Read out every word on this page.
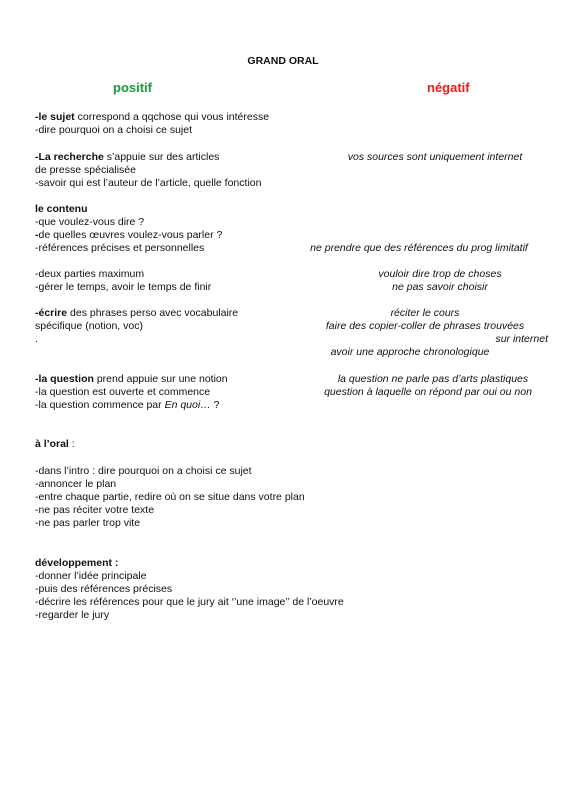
GRAND ORAL
positif	négatif
-le sujet correspond a qqchose qui vous intéresse
-dire pourquoi on a choisi ce sujet
-La recherche s’appuie sur des articles
de presse spécialisée
-savoir qui est l’auteur de l’article, quelle fonction
vos sources sont uniquement internet
le contenu
-que voulez-vous dire ?
-de quelles œuvres voulez-vous parler ?
-références précises et personnelles	ne prendre que des références du prog limitatif
-deux parties maximum
-gérer le temps, avoir le temps de finir
vouloir dire trop de choses
ne pas savoir choisir
-écrire des phrases perso avec vocabulaire
spécifique (notion, voc)
.
réciter le cours
faire des copier-coller de phrases trouvées
sur internet
avoir une approche chronologique
-la question prend appuie sur une notion
-la question est ouverte et commence
-la question commence par En quoi… ?
la question ne parle pas d’arts plastiques
question à laquelle on répond par oui ou non
à l’oral :
-dans l’intro : dire pourquoi on a choisi ce sujet
-annoncer le plan
-entre chaque partie, redire où on se situe dans votre plan
-ne pas réciter votre texte
-ne pas parler trop vite
développement :
-donner l’idée principale
-puis des références précises
-décrire les références pour que le jury ait ‘’une image’’ de l’oeuvre
-regarder le jury
